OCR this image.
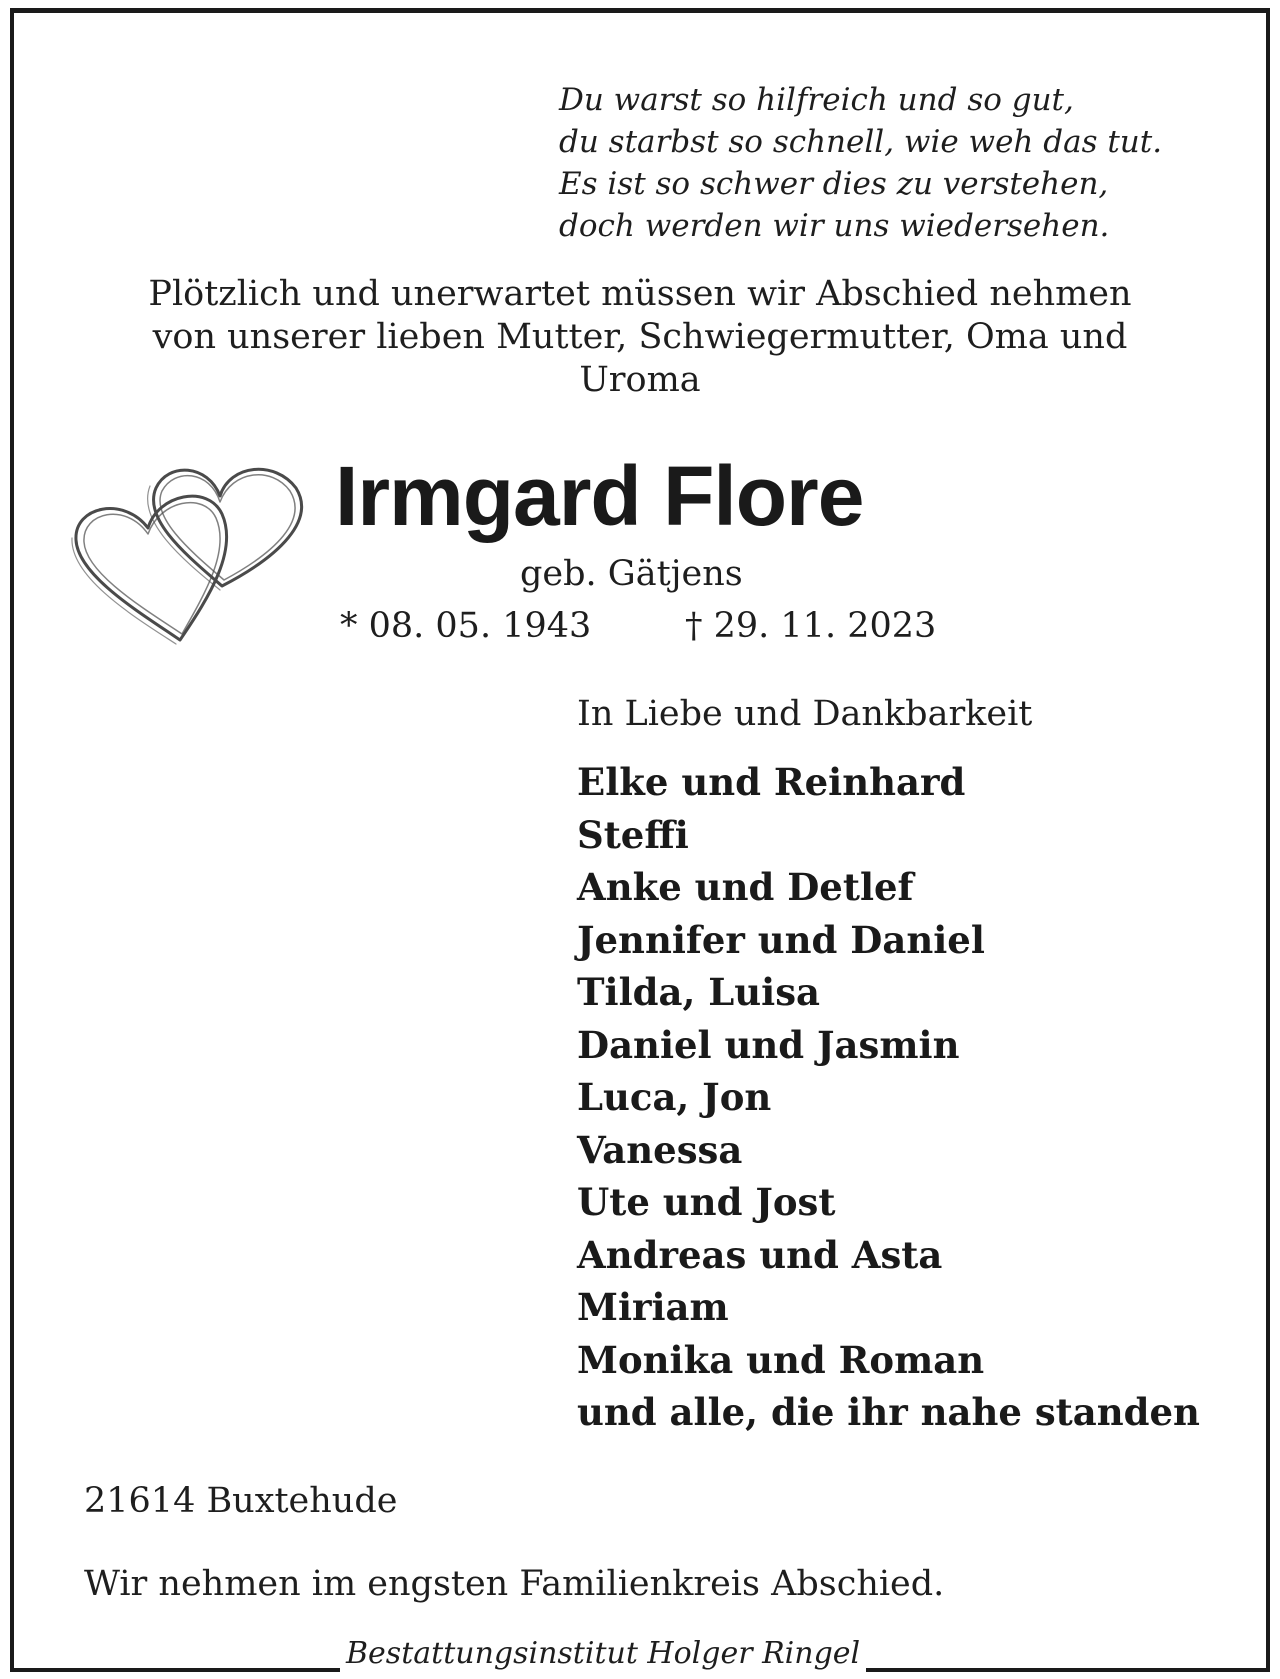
Du warst so hilfreich und so gut,
du starbst so schnell, wie weh das tut.
Es ist so schwer dies zu verstehen,
doch werden wir uns wiedersehen.
Plötzlich und unerwartet müssen wir Abschied nehmen
von unserer lieben Mutter, Schwiegermutter, Oma und
Uroma
Irmgard Flore
geb. Gätjens
* 08. 05. 1943	† 29. 11. 2023
In Liebe und Dankbarkeit
Elke und Reinhard
Steffi
Anke und Detlef
Jennifer und Daniel
Tilda, Luisa
Daniel und Jasmin
Luca, Jon
Vanessa
Ute und Jost
Andreas und Asta
Miriam
Monika und Roman
und alle, die ihr nahe standen
21614 Buxtehude
Wir nehmen im engsten Familienkreis Abschied.
Bestattungsinstitut Holger Ringel
